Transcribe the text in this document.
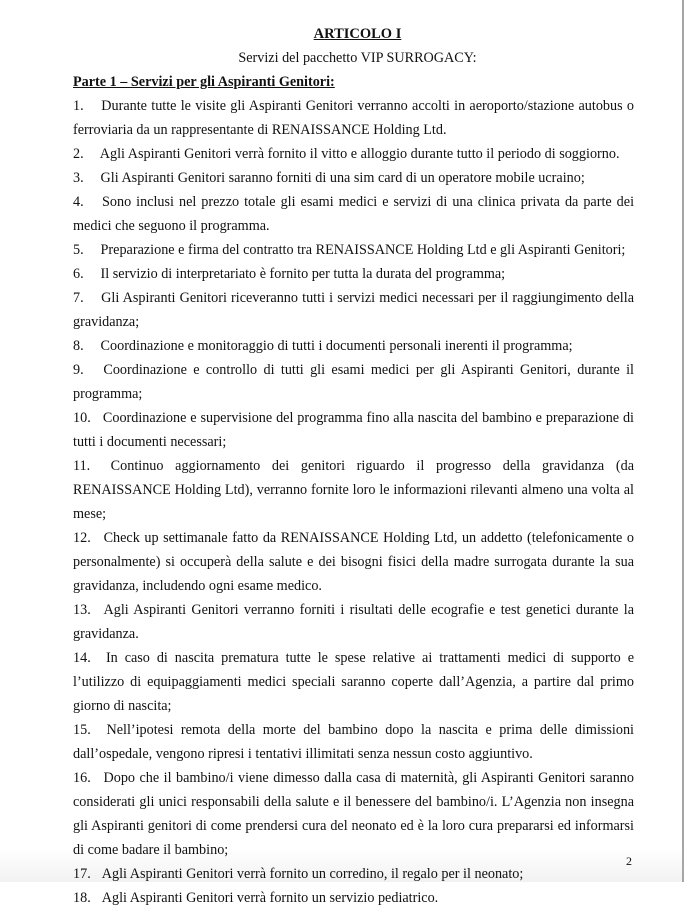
ARTICOLO I

Servizi del pacchetto VIP SURROGACY:

Parte 1 – Servizi per gli Aspiranti Genitori:

1. Durante tutte le visite gli Aspiranti Genitori verranno accolti in aeroporto/stazione autobus o ferroviaria da un rappresentante di RENAISSANCE Holding Ltd.
2. Agli Aspiranti Genitori verrà fornito il vitto e alloggio durante tutto il periodo di soggiorno.
3. Gli Aspiranti Genitori saranno forniti di una sim card di un operatore mobile ucraino;
4. Sono inclusi nel prezzo totale gli esami medici e servizi di una clinica privata da parte dei medici che seguono il programma.
5. Preparazione e firma del contratto tra RENAISSANCE Holding Ltd e gli Aspiranti Genitori;
6. Il servizio di interpretariato è fornito per tutta la durata del programma;
7. Gli Aspiranti Genitori riceveranno tutti i servizi medici necessari per il raggiungimento della gravidanza;
8. Coordinazione e monitoraggio di tutti i documenti personali inerenti il programma;
9. Coordinazione e controllo di tutti gli esami medici per gli Aspiranti Genitori, durante il programma;
10. Coordinazione e supervisione del programma fino alla nascita del bambino e preparazione di tutti i documenti necessari;
11. Continuo aggiornamento dei genitori riguardo il progresso della gravidanza (da RENAISSANCE Holding Ltd), verranno fornite loro le informazioni rilevanti almeno una volta al mese;
12. Check up settimanale fatto da RENAISSANCE Holding Ltd, un addetto (telefonicamente o personalmente) si occuperà della salute e dei bisogni fisici della madre surrogata durante la sua gravidanza, includendo ogni esame medico.
13. Agli Aspiranti Genitori verranno forniti i risultati delle ecografie e test genetici durante la gravidanza.
14. In caso di nascita prematura tutte le spese relative ai trattamenti medici di supporto e l’utilizzo di equipaggiamenti medici speciali saranno coperte dall’Agenzia, a partire dal primo giorno di nascita;
15. Nell’ipotesi remota della morte del bambino dopo la nascita e prima delle dimissioni dall’ospedale, vengono ripresi i tentativi illimitati senza nessun costo aggiuntivo.
16. Dopo che il bambino/i viene dimesso dalla casa di maternità, gli Aspiranti Genitori saranno considerati gli unici responsabili della salute e il benessere del bambino/i. L’Agenzia non insegna gli Aspiranti genitori di come prendersi cura del neonato ed è la loro cura prepararsi ed informarsi di come badare il bambino;
17. Agli Aspiranti Genitori verrà fornito un corredino, il regalo per il neonato;
18. Agli Aspiranti Genitori verrà fornito un servizio pediatrico.
2
